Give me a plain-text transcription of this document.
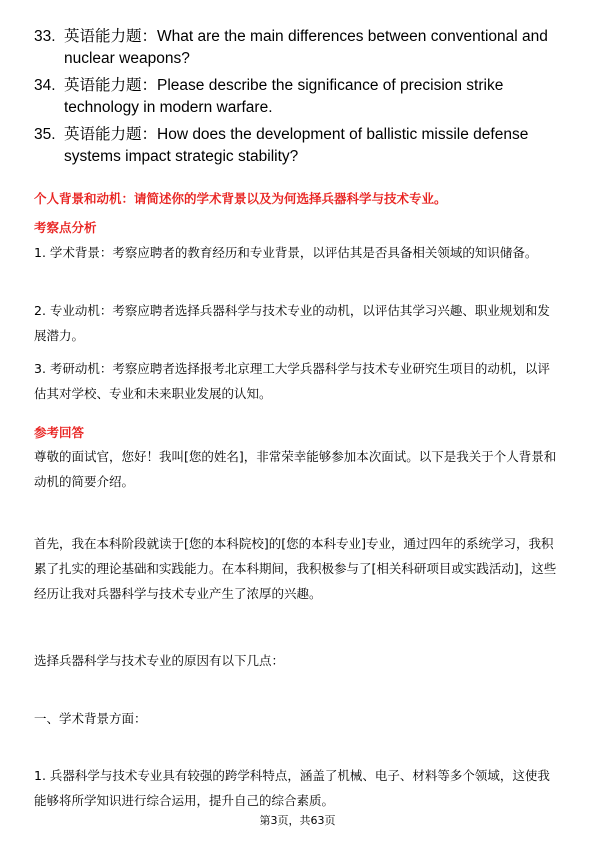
33. 英语能力题：What are the main differences between conventional and nuclear weapons?
34. 英语能力题：Please describe the significance of precision strike technology in modern warfare.
35. 英语能力题：How does the development of ballistic missile defense systems impact strategic stability?
个人背景和动机：请简述你的学术背景以及为何选择兵器科学与技术专业。
考察点分析

1. 学术背景：考察应聘者的教育经历和专业背景，以评估其是否具备相关领域的知识储备。

2. 专业动机：考察应聘者选择兵器科学与技术专业的动机，以评估其学习兴趣、职业规划和发展潜力。

3. 考研动机：考察应聘者选择报考北京理工大学兵器科学与技术专业研究生项目的动机，以评估其对学校、专业和未来职业发展的认知。

参考回答

尊敬的面试官，您好！我叫[您的姓名]，非常荣幸能够参加本次面试。以下是我关于个人背景和动机的简要介绍。

首先，我在本科阶段就读于[您的本科院校]的[您的本科专业]专业，通过四年的系统学习，我积累了扎实的理论基础和实践能力。在本科期间，我积极参与了[相关科研项目或实践活动]，这些经历让我对兵器科学与技术专业产生了浓厚的兴趣。

选择兵器科学与技术专业的原因有以下几点：

一、学术背景方面：

1. 兵器科学与技术专业具有较强的跨学科特点，涵盖了机械、电子、材料等多个领域，这使我能够将所学知识进行综合运用，提升自己的综合素质。

第3页，共63页
